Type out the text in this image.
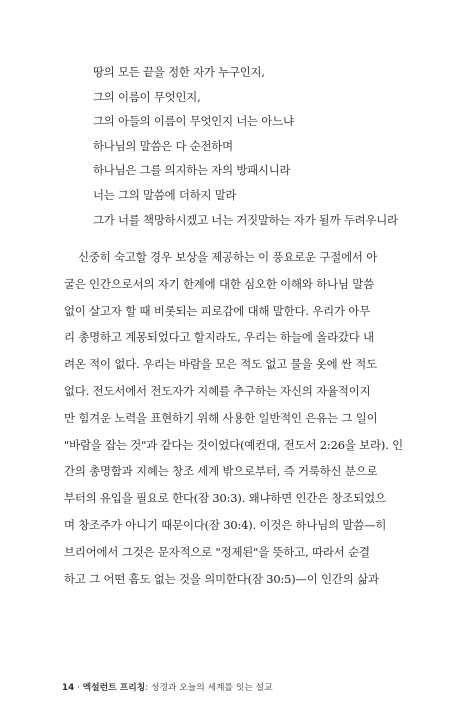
땅의 모든 끝을 정한 자가 누구인지,
그의 이름이 무엇인지,
그의 아들의 이름이 무엇인지 너는 아느냐
하나님의 말씀은 다 순전하며
하나님은 그를 의지하는 자의 방패시니라
너는 그의 말씀에 더하지 말라
그가 너를 책망하시겠고 너는 거짓말하는 자가 될까 두려우니라
신중히 숙고할 경우 보상을 제공하는 이 풍요로운 구절에서 아
굴은 인간으로서의 자기 한계에 대한 심오한 이해와 하나님 말씀
없이 살고자 할 때 비롯되는 피로감에 대해 말한다. 우리가 아무
리 총명하고 계몽되었다고 할지라도, 우리는 하늘에 올라갔다 내
려온 적이 없다. 우리는 바람을 모은 적도 없고 물을 옷에 싼 적도
없다. 전도서에서 전도자가 지혜를 추구하는 자신의 자율적이지
만 힘겨운 노력을 표현하기 위해 사용한 일반적인 은유는 그 일이
"바람을 잡는 것"과 같다는 것이었다(예컨대, 전도서 2:26을 보라). 인
간의 총명함과 지혜는 창조 세계 밖으로부터, 즉 거룩하신 분으로
부터의 유입을 필요로 한다(잠 30:3). 왜냐하면 인간은 창조되었으
며 창조주가 아니기 때문이다(잠 30:4). 이것은 하나님의 말씀—히
브리어에서 그것은 문자적으로 "정제된"을 뜻하고, 따라서 순결
하고 그 어떤 흠도 없는 것을 의미한다(잠 30:5)—이 인간의 삶과
14 · 엑설런트 프리칭: 성경과 오늘의 세계를 잇는 설교
